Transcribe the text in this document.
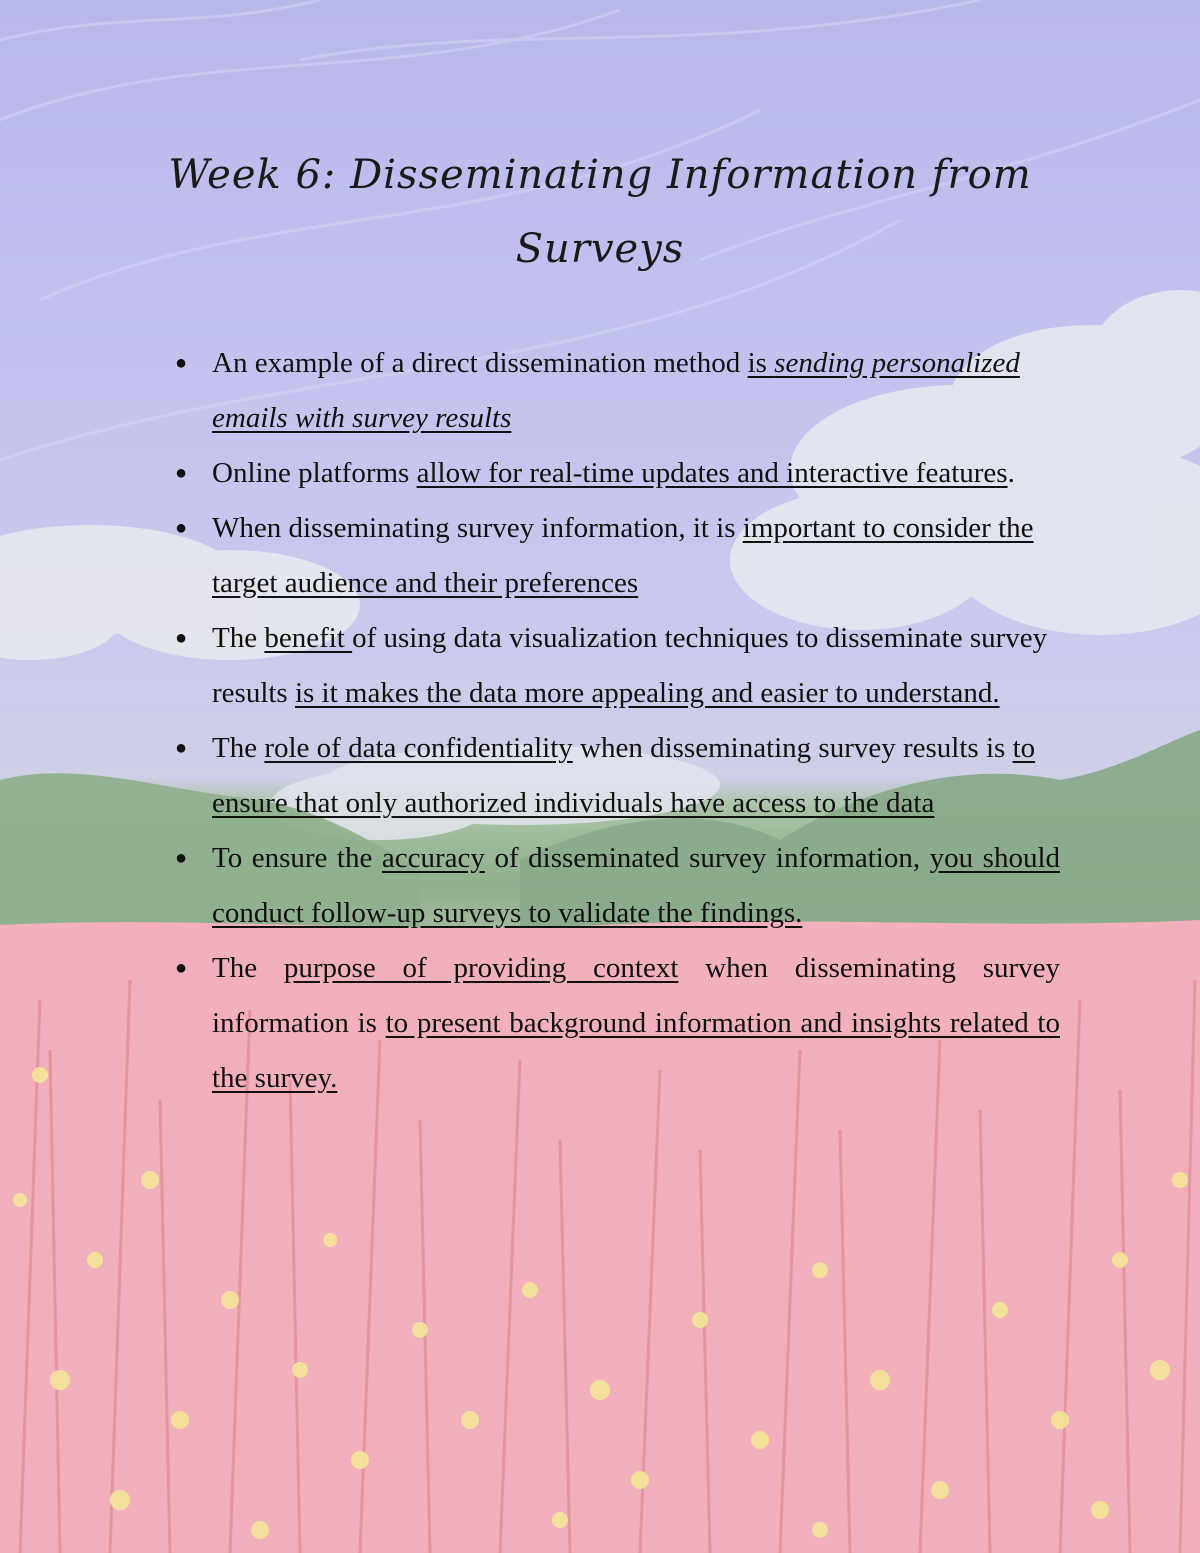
Week 6: Disseminating Information from
Surveys
● An example of a direct dissemination method is sending personalized emails with survey results
● Online platforms allow for real-time updates and interactive features.
● When disseminating survey information, it is important to consider the target audience and their preferences
● The benefit of using data visualization techniques to disseminate survey results is it makes the data more appealing and easier to understand.
● The role of data confidentiality when disseminating survey results is to ensure that only authorized individuals have access to the data
● To ensure the accuracy of disseminated survey information, you should conduct follow-up surveys to validate the findings.
● The purpose of providing context when disseminating survey information is to present background information and insights related to the survey.
